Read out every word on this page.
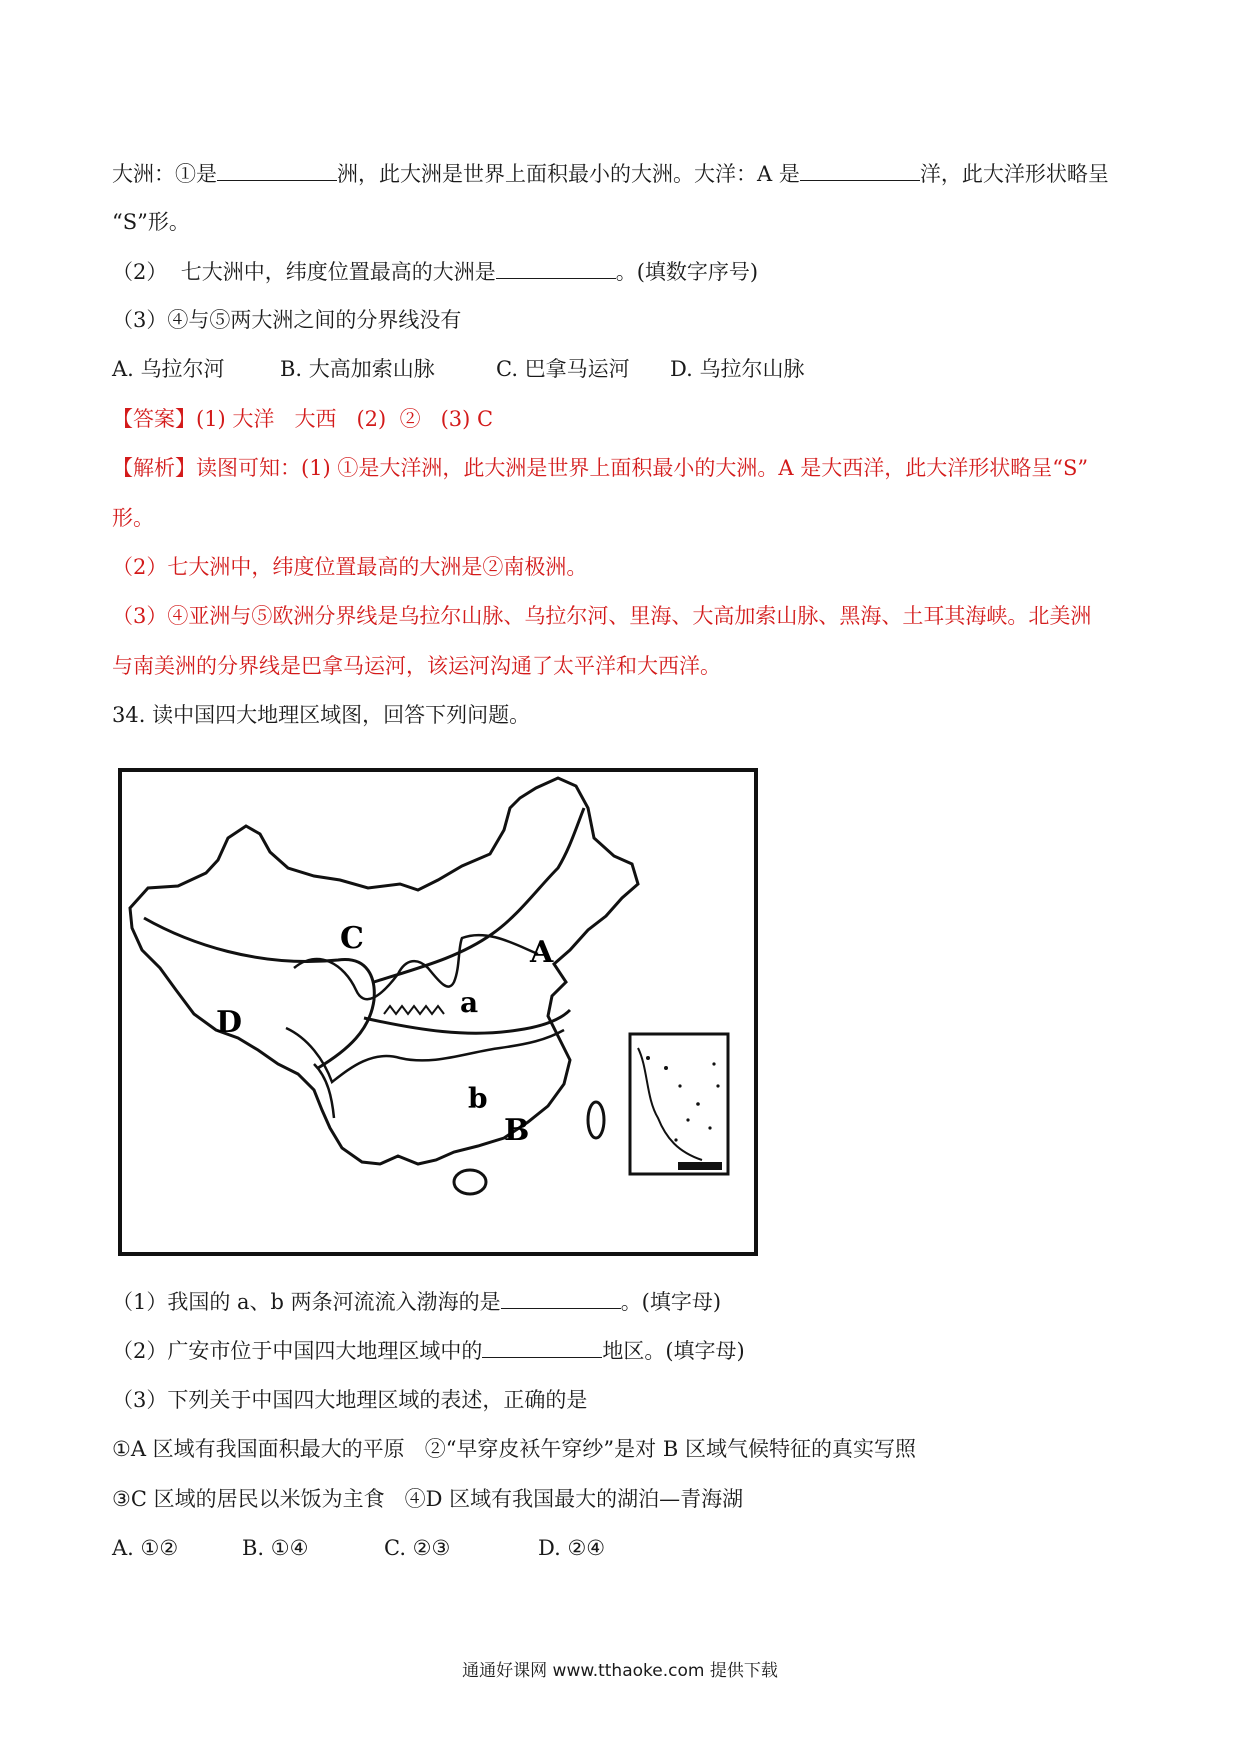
大洲：①是	洲，此大洲是世界上面积最小的大洲。大洋：A 是	洋，此大洋形状略呈
“S”形。
（2）  七大洲中，纬度位置最高的大洲是	。(填数字序号)
（3）④与⑤两大洲之间的分界线没有
A. 乌拉尔河	B. 大高加索山脉	C. 巴拿马运河 D. 乌拉尔山脉
【答案】(1) 大洋   大西   (2)  ②   (3) C
【解析】读图可知：(1) ①是大洋洲，此大洲是世界上面积最小的大洲。A 是大西洋，此大洋形状略呈“S”
形。
（2）七大洲中，纬度位置最高的大洲是②南极洲。
（3）④亚洲与⑤欧洲分界线是乌拉尔山脉、乌拉尔河、里海、大高加索山脉、黑海、土耳其海峡。北美洲
与南美洲的分界线是巴拿马运河，该运河沟通了太平洋和大西洋。
34. 读中国四大地理区域图，回答下列问题。
C	A
D
a
b
B
（1）我国的 a、b 两条河流流入渤海的是	。(填字母)
（2）广安市位于中国四大地理区域中的	地区。(填字母)
（3）下列关于中国四大地理区域的表述，正确的是
①A 区域有我国面积最大的平原   ②“早穿皮袄午穿纱”是对 B 区域气候特征的真实写照
③C 区域的居民以米饭为主食   ④D 区域有我国最大的湖泊—青海湖
A. ①②	B. ①④	C. ②③	D. ②④
通通好课网 www.tthaoke.com 提供下载
